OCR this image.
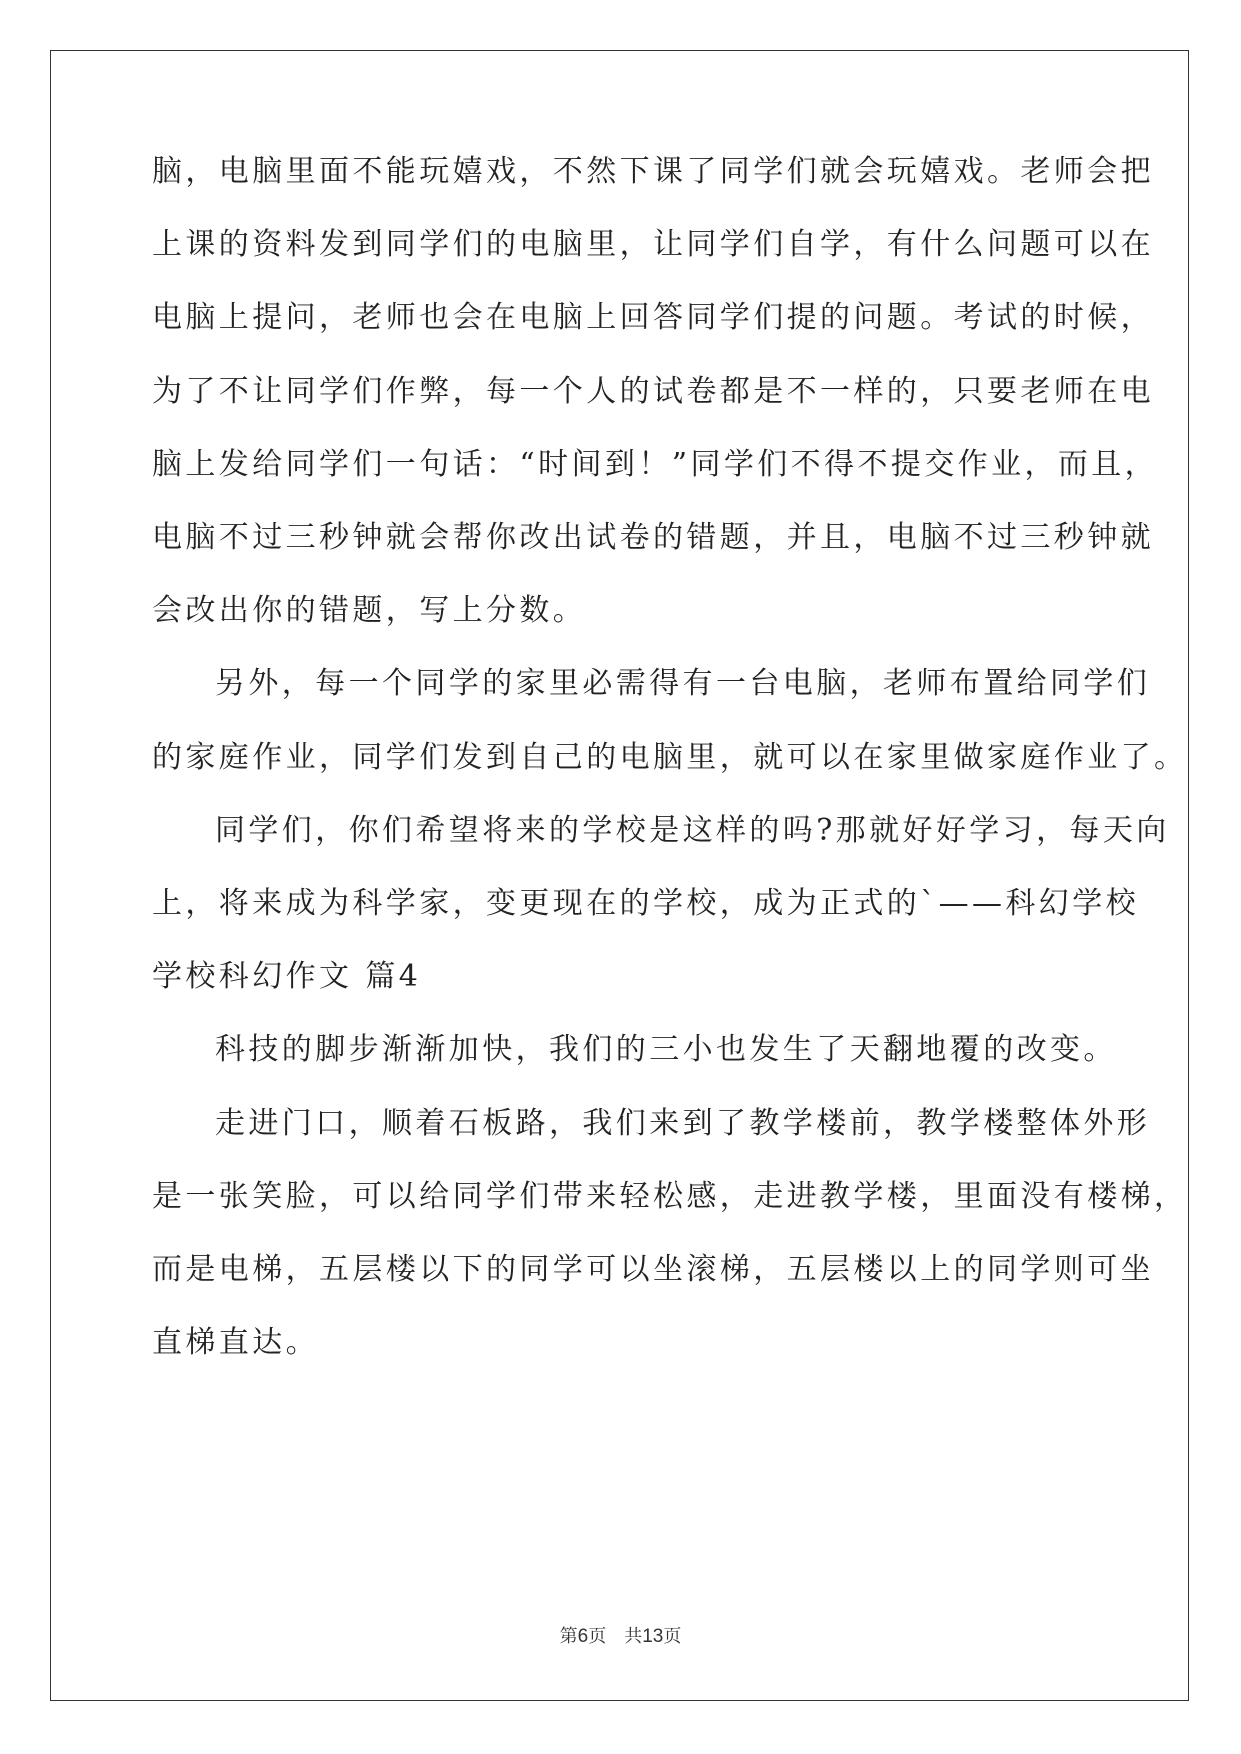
脑，电脑里面不能玩嬉戏，不然下课了同学们就会玩嬉戏。老师会把
上课的资料发到同学们的电脑里，让同学们自学，有什么问题可以在
电脑上提问，老师也会在电脑上回答同学们提的问题。考试的时候，
为了不让同学们作弊，每一个人的试卷都是不一样的，只要老师在电
脑上发给同学们一句话：“时间到！”同学们不得不提交作业，而且，
电脑不过三秒钟就会帮你改出试卷的错题，并且，电脑不过三秒钟就
会改出你的错题，写上分数。
另外，每一个同学的家里必需得有一台电脑，老师布置给同学们
的家庭作业，同学们发到自己的电脑里，就可以在家里做家庭作业了。
同学们，你们希望将来的学校是这样的吗?那就好好学习，每天向
上，将来成为科学家，变更现在的学校，成为正式的`——科幻学校
学校科幻作文 篇4
科技的脚步渐渐加快，我们的三小也发生了天翻地覆的改变。
走进门口，顺着石板路，我们来到了教学楼前，教学楼整体外形
是一张笑脸，可以给同学们带来轻松感，走进教学楼，里面没有楼梯，
而是电梯，五层楼以下的同学可以坐滚梯，五层楼以上的同学则可坐
直梯直达。
第6页　共13页
